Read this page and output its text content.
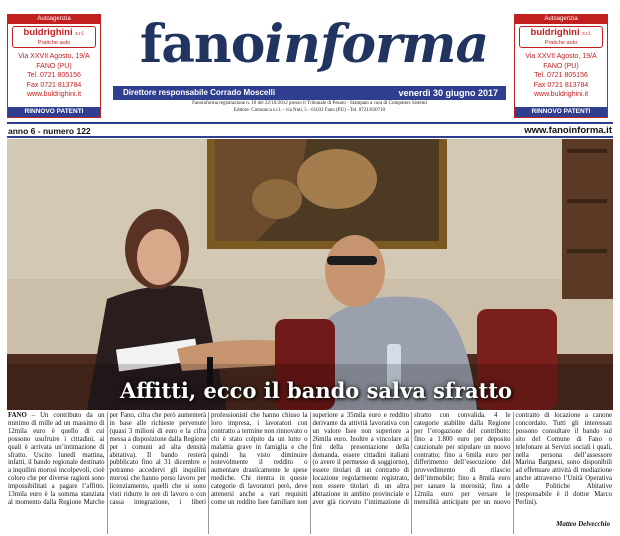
Autoagenzia
buldrighini s.r.l.
Pratiche auto
Via XXVII Agosto, 19/A
FANO (PU)
Tel. 0721 805156
Fax 0721 813784
www.buldrighini.it
RINNOVO PATENTI
fanoinforma	Autoagenzia
buldrighini s.r.l.
Pratiche auto
Via XXVII Agosto, 19/A
FANO (PU)
Tel. 0721 805156
Fax 0721 813784
www.buldrighini.it
RINNOVO PATENTI
Direttore responsabile Corrado Moscelli	venerdì 30 giugno 2017
Fanoinforma registrazione n. 10 del 22/10/2012 presso il Tribunale di Pesaro - Stampato a cura di Computers Sistemi
Editore: Comunica s.r.l. - via Nuti, 5 - 61032 Fano (PU) - Tel. 0721/830710
anno 6 - numero 122	www.fanoinforma.it
Affitti, ecco il bando salva sfratto

FANO – Un contributo da un minimo di mille ad un massimo di 12mila euro è quello di cui possono usufruire i cittadini, ai quali è arrivata un’intimazione di sfratto. Uscito lunedì mattina, infatti, il bando regionale destinato a inquilini morosi incolpevoli, cioè coloro che per diverse ragioni sono impossibilitati a pagare l’affitto. 13mila euro è la somma stanziata al momento dalla Regione Marche per Fano, cifra che però aumenterà in base alle richieste pervenute (quasi 3 milioni di euro e la cifra messa a disposizione dalla Regione per i comuni ad alta densità abitativa). Il bando resterà pubblicato fino al 31 dicembre e potranno accedervi gli inquilini morosi che hanno perso lavoro per licenziamento, quelli che si sono visti ridurre le ore di lavoro o con cassa integrazione, i liberi professionisti che hanno chiuso la loro impresa, i lavoratori con contratto a termine non rinnovato o chi è stato colpito da un lutto o malattia grave in famiglia e che quindi ha visto diminuire notevolmente il reddito o aumentare drasticamente le spese mediche. Chi rientra in queste categorie di lavoratori però, deve attenersi anche a vari requisiti come un reddito Isee familiare non superiore a 35mila euro e reddito derivante da attività lavorativa con un valore Isee non superiore a 26mila euro. Inoltre a vincolare ai fini della presentazione della domanda, essere cittadini italiani (o avere il permesso di soggiorno), essere titolari di un contratto di locazione regolarmente registrato, non essere titolari di un altra abitazione in ambito provinciale e aver già ricevuto l’intimazione di sfratto con convalida. 4 le categorie stabilite dalla Regione per l’erogazione del contributo: fino a 1.800 euro per deposito cauzionale per stipulare un nuovo contratto; fino a 6mila euro per differimento dell’esecuzione del provvedimento di rilascio dell’immobile; fino a 8mila euro per sanare la morosità; fino a 12mila euro per versare le mensilità anticipate per un nuovo contratto di locazione a canone concordato. Tutti gli interessati possono consultare il bando sul sito del Comune di Fano o telefonare ai Servizi sociali i quali, nella persona dell’assessore Marina Bargnesi, sono disponibili ad effettuare attività di mediazione anche attraverso l’Unità Operativa delle Politiche Abitative (responsabile è il dottor Marco Perlini).

Matteo Delvecchio
